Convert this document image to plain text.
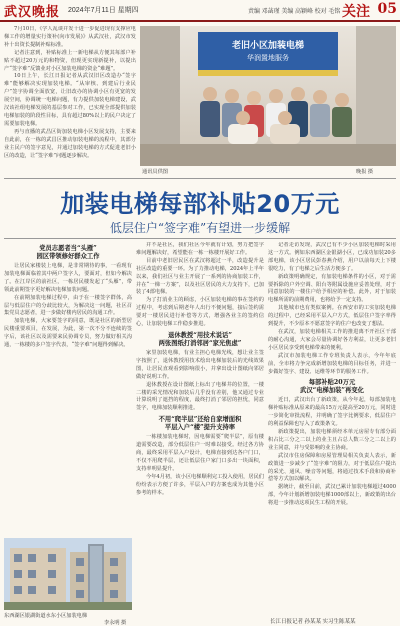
武汉晚报 2024年7月11日 星期四	责编 邓菡瑾 美编 高颖峰 校对 毛铭 关注 05

7月10日，《学人乱谈并发十进一步促进现有支撑应电梯工作的增量实行策补(向市发展)》从武汉社，武汉市发补十出资长提制补贴标准。

记者注意到，补贴标准上一新电梯从方便其每部户补贴不超过20万元的和物资，但现更实现新提补，以提出产“签字难”反馈业对小区加装电梯的资金“难题”。

10日上午，长江日报记者从武汉旧区改造办“签字难”能够解决实现加装电梯。“从审核、到建后行业民户”签字协调全面放宽，让旧改办的协调小区有更宽的发展空间，协调统一电梯问题，有力提供加装电梯建设，武汉该社组电梯发展的基层参对工作，已实现全部提供加装电梯加装的阶段性目标，具有超过80%以上的民户决定了需要加装电梯。

再与直播的武昌区街加装电梯小区发展支持，主要来自此前，在一栋的武昌区推动加装电梯的流程中，其部分业主民户的签字意见，并通过加装电梯的方式促进老旧小区的改造，让“签字难”问题逐步解决。

老旧小区加装电梯
华润置地服务
通讯员供图	晚报 摄
加装电梯每部补贴20万元
低层住户“签字难”有望进一步缓解
党员志愿者当“头雁”
园区带领修好群众工作

让居民家楼装上电梯，是非常期待的事，一看现有加装电梯面临着其中两户签字人，要面对，但如今解决了。在江岸区的前社区，一栋居民楼发起了“头雁”，带领此前期签字更好解决电梯加装问题。

在前期加装电梯过程中，由于在一楼签字群体，高层与低层住户的分歧比较大，为解决这一问题，社区召集党员志愿者，进一步做好楼内居民的沟通工作。

加装电梯，大家要签字的同意，既是社区的新型居民楼重要项目，在发展，为此，第一次不分不连续的签字后，该社区以及需要来民协调专员，努力做好相关沟通，一栋楼的多户签字代表，“签字难”问题得到解决。

东西湖区银湖街道水东小区加装电梯
李永明 摄

并不是社区，我们社区今年就有计划，努力把签字难问题解决好，希望能在一栋一栋楼开展好工作。

目前中老旧居民区在武汉将超过一半，改造提升是社区改造的重要一环。为了力推动电梯，2024年上半年以来，我们社区与业主开展了一系列的协商加装工作，并在“一梯一方案”，以及社区居民的大力支持下，已加装了4部电梯。

为了打消业主的顾虑，小区加装电梯的事在签约的过程中，考虑到后期老年人出行不便问题，接后签约需要对一楼居民进行补偿等方式，增强各业主的签约信心，让加装电梯工作稳步推进。

退休教授“用技术说话”
两张图纸打消邻居“家光焦虑”

家里加装电梯，有业主担心电梯光线，想让业主签字按照了，退休教授用技术绘出电梯加装后的光线效果图，让居民直观看到影响很小，并拿出设计图纸向邻居做好说明工作。

退休教授在设计图纸上标出了电梯井的位置，一楼二楼的采光情况和加装后几乎没有差别，他又通过专业计算说明了遮挡的程度，最终打消了邻居的担忧，同意签字，电梯加装顺利推进。

不用“爬半层”还给自家增面积
平层入户“楼”提升支持率

一栋楼加装电梯时，因电梯需要“爬半层”，原有楼道需要改造，部分低层住户一时难以接受。经过各方协商，最终采用平层入户设计，电梯直接到达各户门口，不仅不用爬半层，还让低层住户家门口多出一块面积，支持率明显提升。

今年4月初，该小区电梯顺利完工投入使用，居民们纷纷表示方便了许多，平层入户的方案也成为其他小区参考的样本。

记者走访发现，武汉已有不少小区加装电梯时采用这一方式。例如东西湖区金银湖小区，已成功加装20多部电梯，该小区居民彭春燕介绍，用户以前每天上下楼很吃力，有了电梯之后生活方便多了。

新政策明确规定，有加装电梯条件的小区，对于需要拆除的户外空调、阳台等附属设施应妥善处理，对于同意加装的一楼住户给予相应的补偿。此外，对于加装电梯所需的前期费用，也将给予一定支持。

其他城市也有类似案例。在西安市的工实加装电梯的过程中，已经采用平层入户方式，低层住户签字率得到提升，不少原本不愿意签字的住户也改变了想法。

在武汉，加装电梯相关工作的推进离不开社区干部的耐心沟通，大家会尽量协调好各方利益，让更多老旧小区居民享受到电梯带来的便利。

武汉市加装电梯工作专班负责人表示，今年年底前，全市将力争完成新增加装电梯的目标任务，并进一步做好签字、建设、运维等环节的服务工作。

每部补贴20万元
武汉“电梯加装”再变化

近日，武汉出台了新政策，从今年起，每部加装电梯补贴标准从原来的最高15万元提高至20万元，同时进一步简化审批流程，并明确了签字比例要求，低层住户的利益保障也写入了政策条文。

新政策提出，加装电梯须经本单元房屋专有部分面积占比三分之二以上的业主且占总人数三分之二以上的业主同意，并与受影响的业主协商。

武汉市住房保障和房屋管理局相关负责人表示，新政策进一步减少了“签字难”的阻力，对于低层住户提出的采光、通风、噪音等问题，将通过技术手段和协商补偿等方式加以解决。

据统计，截至目前，武汉已累计加装电梯超过4000部，今年计划新增加装电梯1000部以上，新政策的出台将进一步推动这项民生工程的开展。

长江日报记者 孙某某 实习生陈某某
